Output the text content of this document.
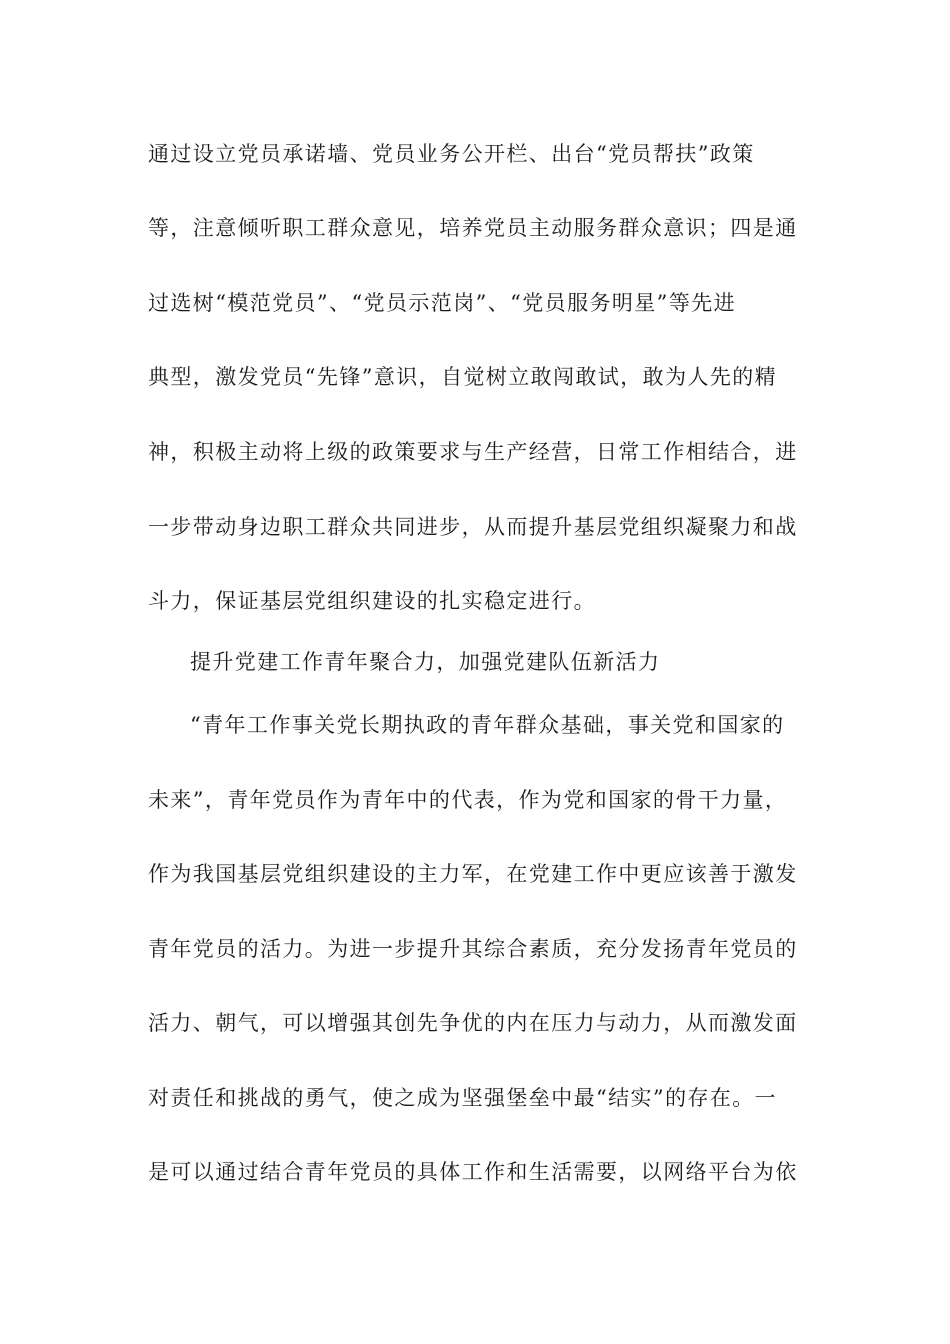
通过设立党员承诺墙、党员业务公开栏、出台“党员帮扶”政策
等，注意倾听职工群众意见，培养党员主动服务群众意识；四是通
过选树“模范党员”、“党员示范岗”、“党员服务明星”等先进
典型，激发党员“先锋”意识，自觉树立敢闯敢试，敢为人先的精
神，积极主动将上级的政策要求与生产经营，日常工作相结合，进
一步带动身边职工群众共同进步，从而提升基层党组织凝聚力和战
斗力，保证基层党组织建设的扎实稳定进行。
提升党建工作青年聚合力，加强党建队伍新活力
“青年工作事关党长期执政的青年群众基础，事关党和国家的
未来”，青年党员作为青年中的代表，作为党和国家的骨干力量，
作为我国基层党组织建设的主力军，在党建工作中更应该善于激发
青年党员的活力。为进一步提升其综合素质，充分发扬青年党员的
活力、朝气，可以增强其创先争优的内在压力与动力，从而激发面
对责任和挑战的勇气，使之成为坚强堡垒中最“结实”的存在。一
是可以通过结合青年党员的具体工作和生活需要，以网络平台为依
